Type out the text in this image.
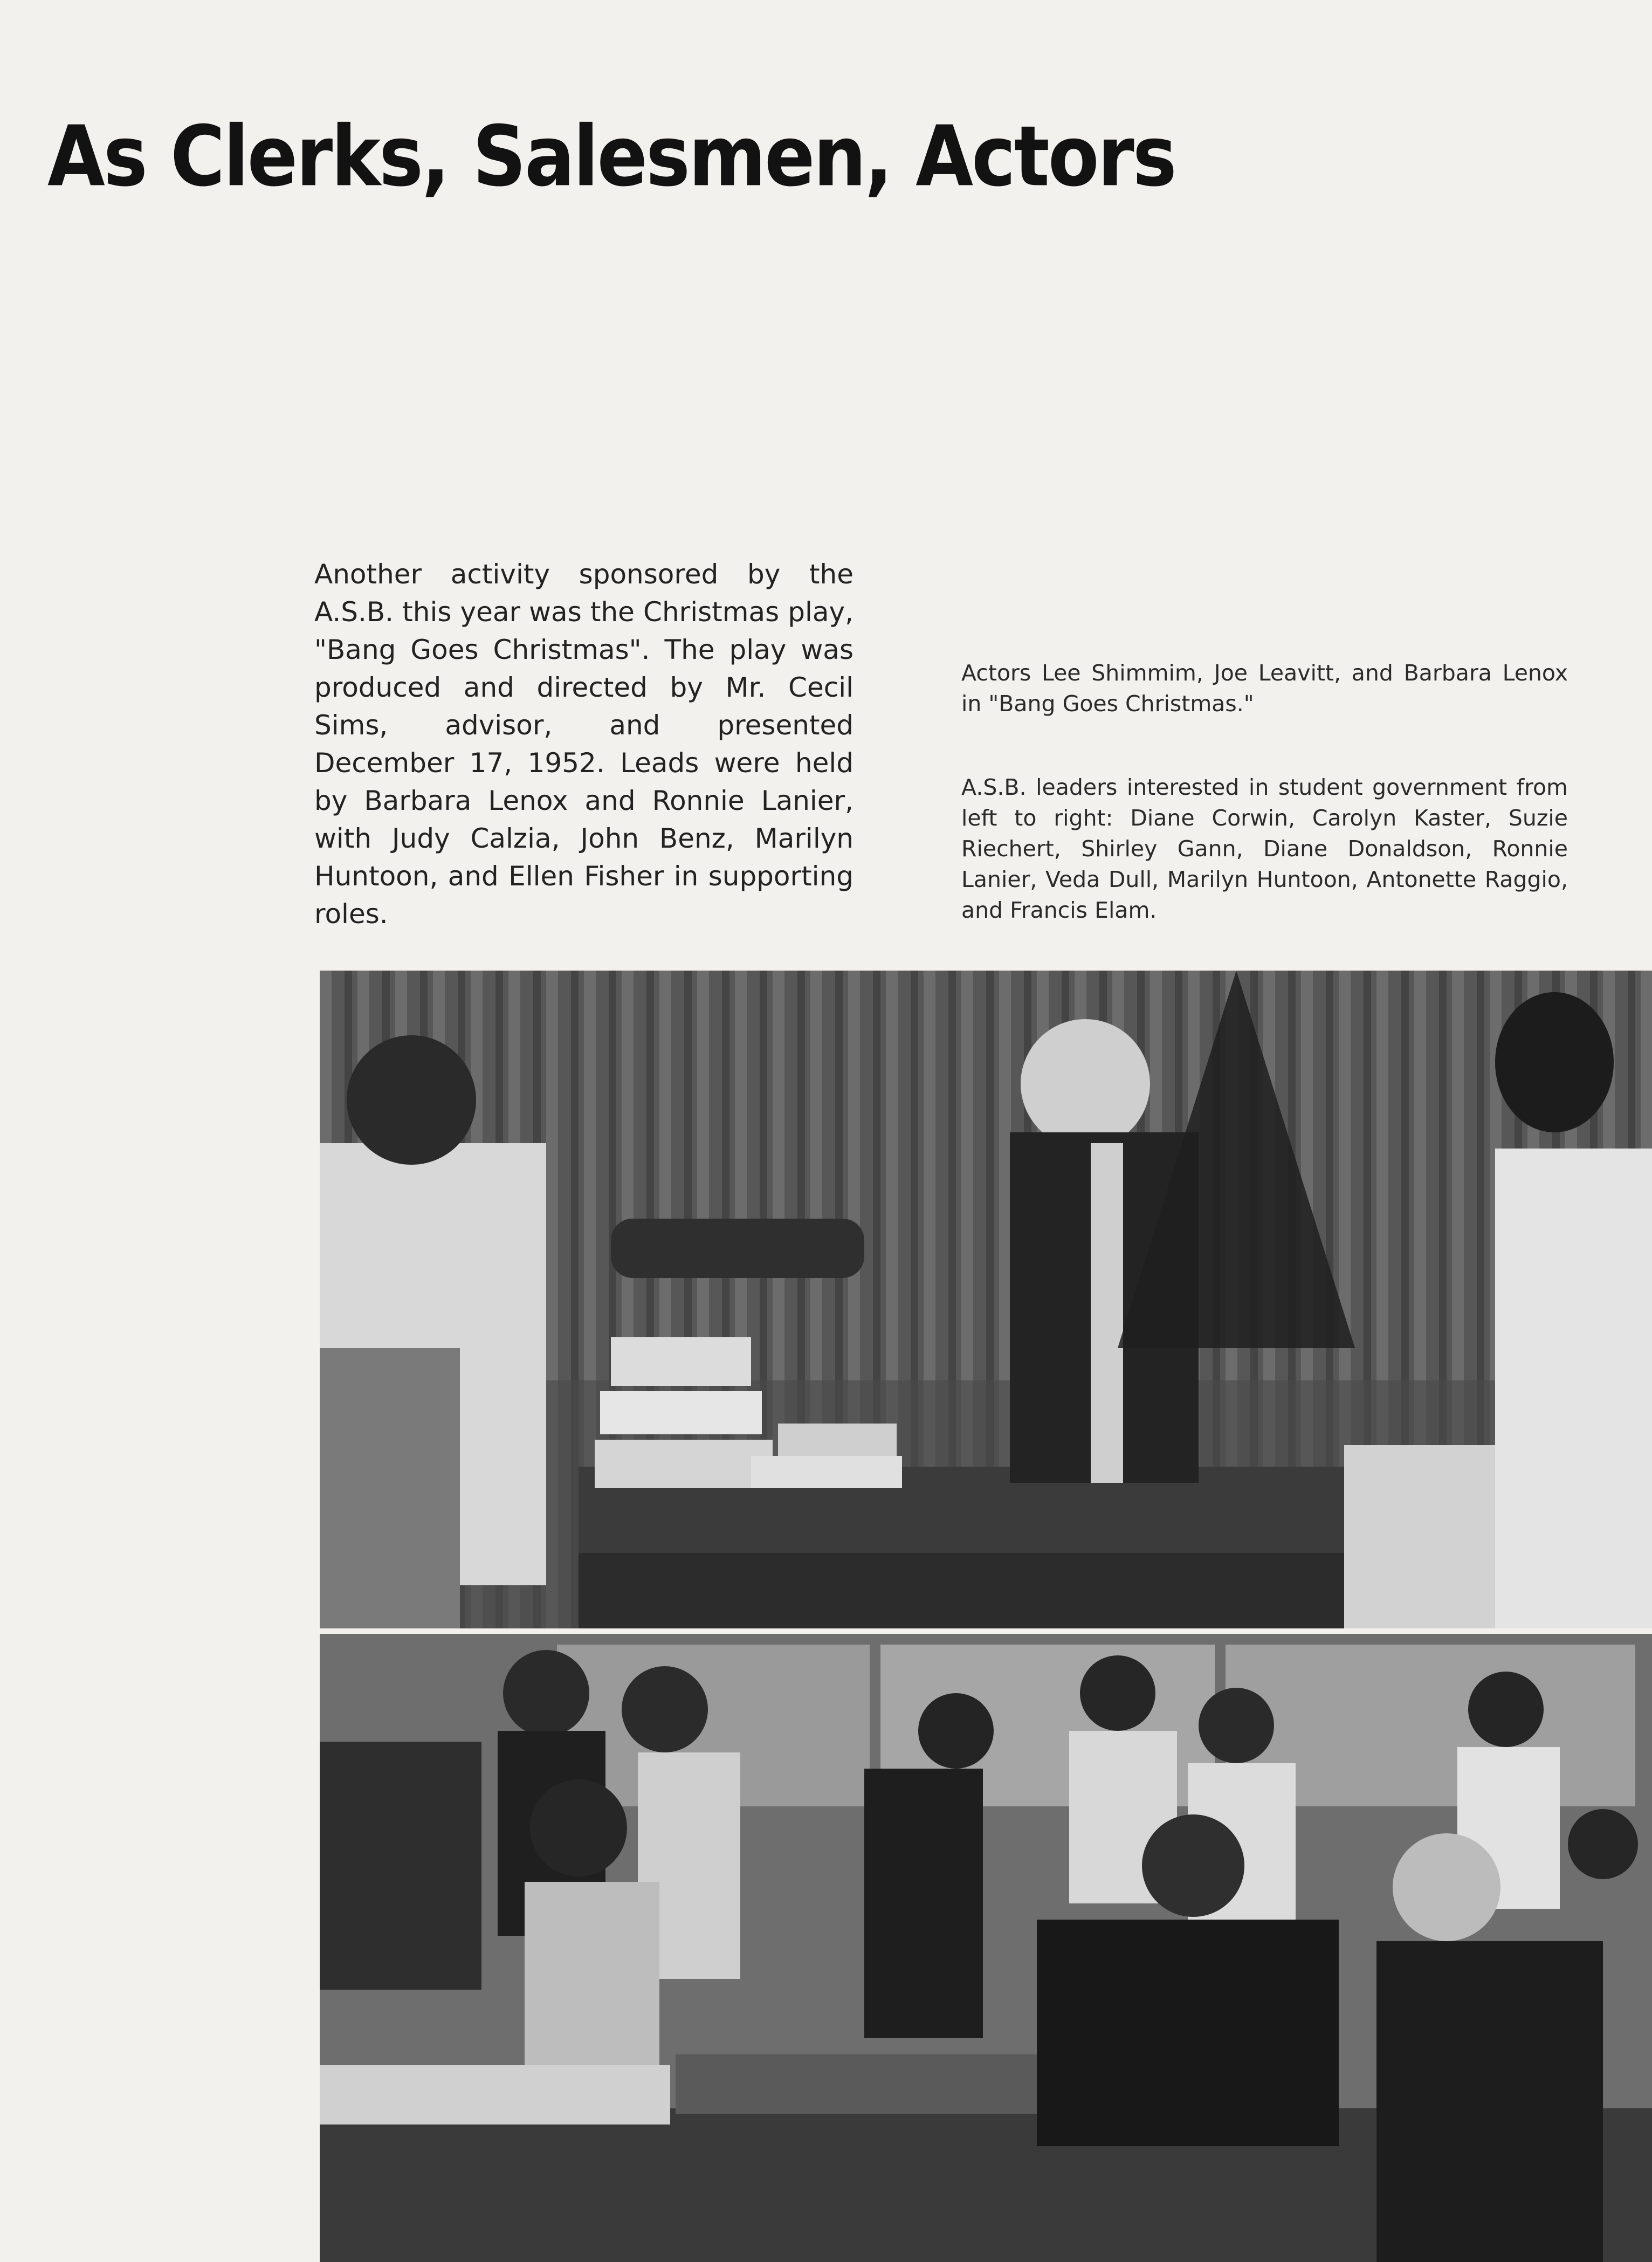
As Clerks, Salesmen, Actors
Another activity sponsored by the A.S.B. this year was the Christmas play, "Bang Goes Christmas". The play was produced and directed by Mr. Cecil Sims, advisor, and presented December 17, 1952. Leads were held by Barbara Lenox and Ronnie Lanier, with Judy Calzia, John Benz, Marilyn Huntoon, and Ellen Fisher in supporting roles.
Actors Lee Shimmim, Joe Leavitt, and Barbara Lenox in "Bang Goes Christmas."
A.S.B. leaders interested in student government from left to right: Diane Corwin, Carolyn Kaster, Suzie Riechert, Shirley Gann, Diane Donaldson, Ronnie Lanier, Veda Dull, Marilyn Huntoon, Antonette Raggio, and Francis Elam.
